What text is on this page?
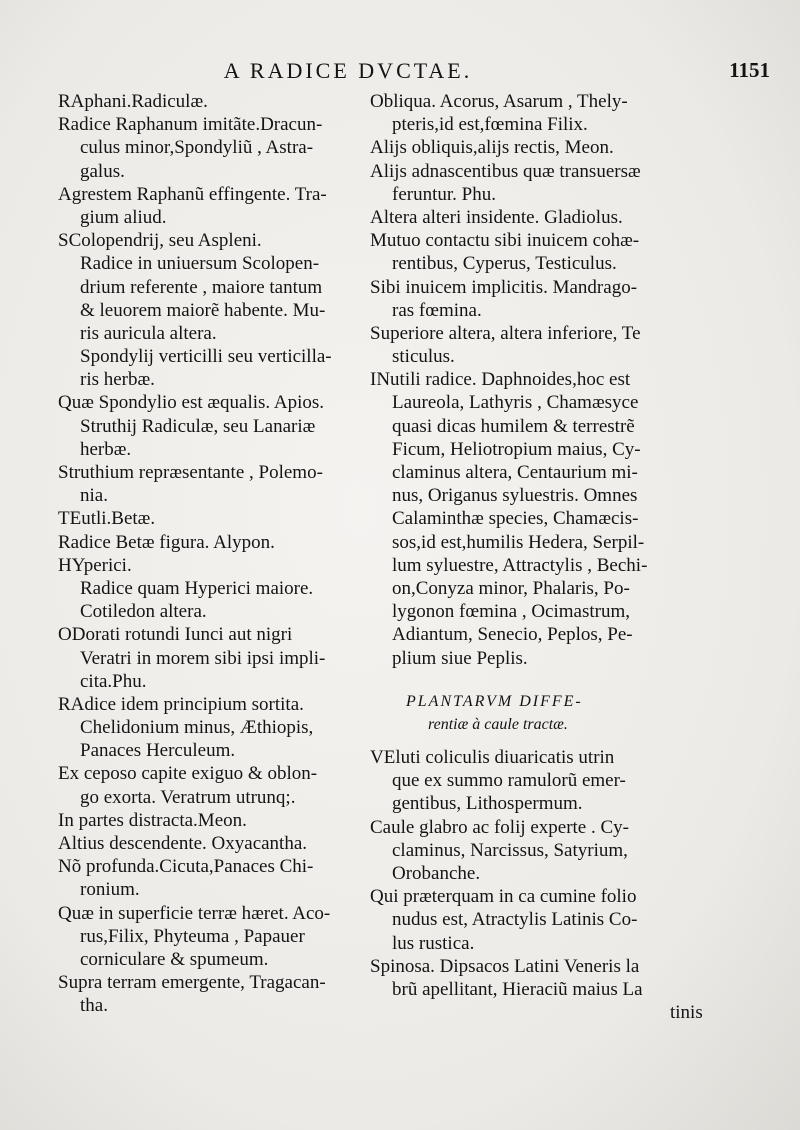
A RADICE DVCTAE.	1151
RAphani.Radiculæ.
Radice Raphanum imitãte.Dracun-
culus minor,Spondyliũ , Astra-
galus.
Agrestem Raphanũ effingente. Tra-
gium aliud.
SColopendrĳ, seu Aspleni.
Radice in uniuersum Scolopen-
drium referente , maiore tantum
& leuorem maiorẽ habente. Mu-
ris auricula altera.
Spondylĳ verticilli seu verticilla-
ris herbæ.
Quæ Spondylio est æqualis. Apios.
Struthĳ Radiculæ, seu Lanariæ
herbæ.
Struthium repræsentante , Polemo-
nia.
TEutli.Betæ.
Radice Betæ figura. Alypon.
HYperici.
Radice quam Hyperici maiore.
Cotiledon altera.
ODorati rotundi Iunci aut nigri
Veratri in morem sibi ipsi impli-
cita.Phu.
RAdice idem principium sortita.
Chelidonium minus, Æthiopis,
Panaces Herculeum.
Ex ceposo capite exiguo & oblon-
go exorta. Veratrum utrunq;.
In partes distracta.Meon.
Altius descendente. Oxyacantha.
Nõ profunda.Cicuta,Panaces Chi-
ronium.
Quæ in superficie terræ hæret. Aco-
rus,Filix, Phyteuma , Papauer
corniculare & spumeum.
Supra terram emergente, Tragacan-
tha.
Obliqua. Acorus, Asarum , Thely-
pteris,id est,fœmina Filix.
Alĳs obliquis,alĳs rectis, Meon.
Alĳs adnascentibus quæ transuersæ
feruntur. Phu.
Altera alteri insidente. Gladiolus.
Mutuo contactu sibi inuicem cohæ-
rentibus, Cyperus, Testiculus.
Sibi inuicem implicitis. Mandrago-
ras fœmina.
Superiore altera, altera inferiore, Te
sticulus.
INutili radice. Daphnoides,hoc est
Laureola, Lathyris , Chamæsyce
quasi dicas humilem & terrestrẽ
Ficum, Heliotropium maius, Cy-
claminus altera, Centaurium mi-
nus, Origanus syluestris. Omnes
Calaminthæ species, Chamæcis-
sos,id est,humilis Hedera, Serpil-
lum syluestre, Attractylis , Bechi-
on,Conyza minor, Phalaris, Po-
lygonon fœmina , Ocimastrum,
Adiantum, Senecio, Peplos, Pe-
plium siue Peplis.
PLANTARVM DIFFE-
rentiæ à caule tractæ.
VEluti coliculis diuaricatis utrin
que ex summo ramulorũ emer-
gentibus, Lithospermum.
Caule glabro ac folĳ experte . Cy-
claminus, Narcissus, Satyrium,
Orobanche.
Qui præterquam in ca cumine folio
nudus est, Atractylis Latinis Co-
lus rustica.
Spinosa. Dipsacos Latini Veneris la
brũ apellitant, Hieraciũ maius La
tinis
